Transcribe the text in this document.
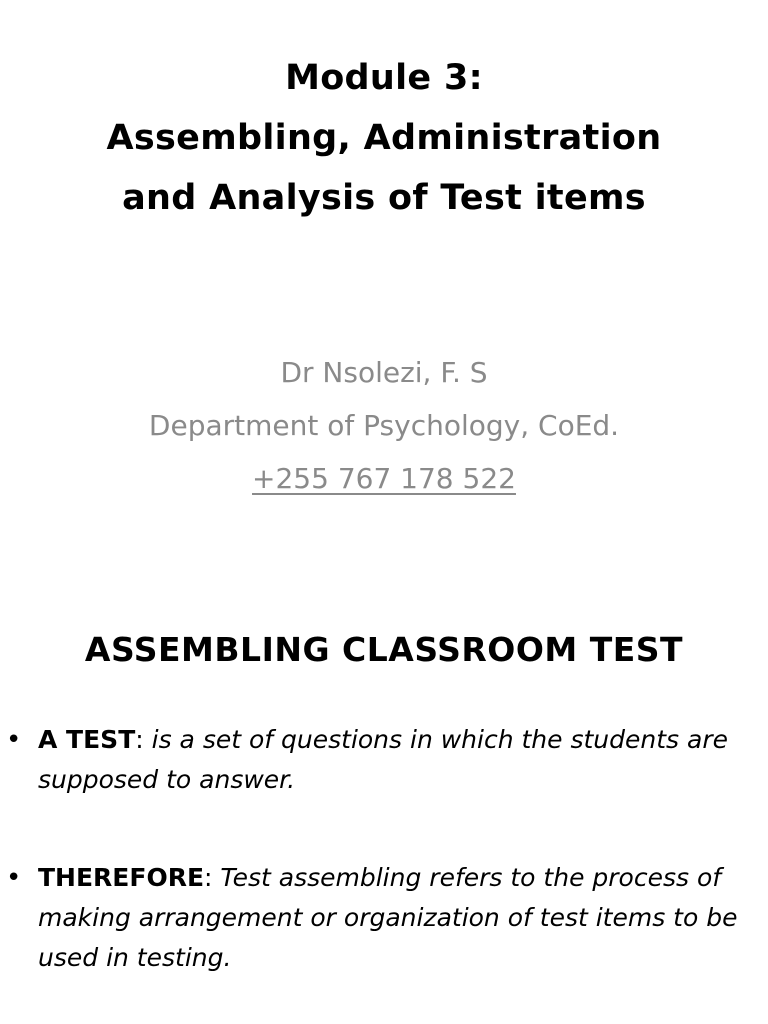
Module 3:
Assembling, Administration
and Analysis of Test items
Dr Nsolezi, F. S
Department of Psychology, CoEd.
+255 767 178 522
ASSEMBLING CLASSROOM TEST
• A TEST: is a set of questions in which the students are supposed to answer.
• THEREFORE: Test assembling refers to the process of making arrangement or organization of test items to be used in testing.
